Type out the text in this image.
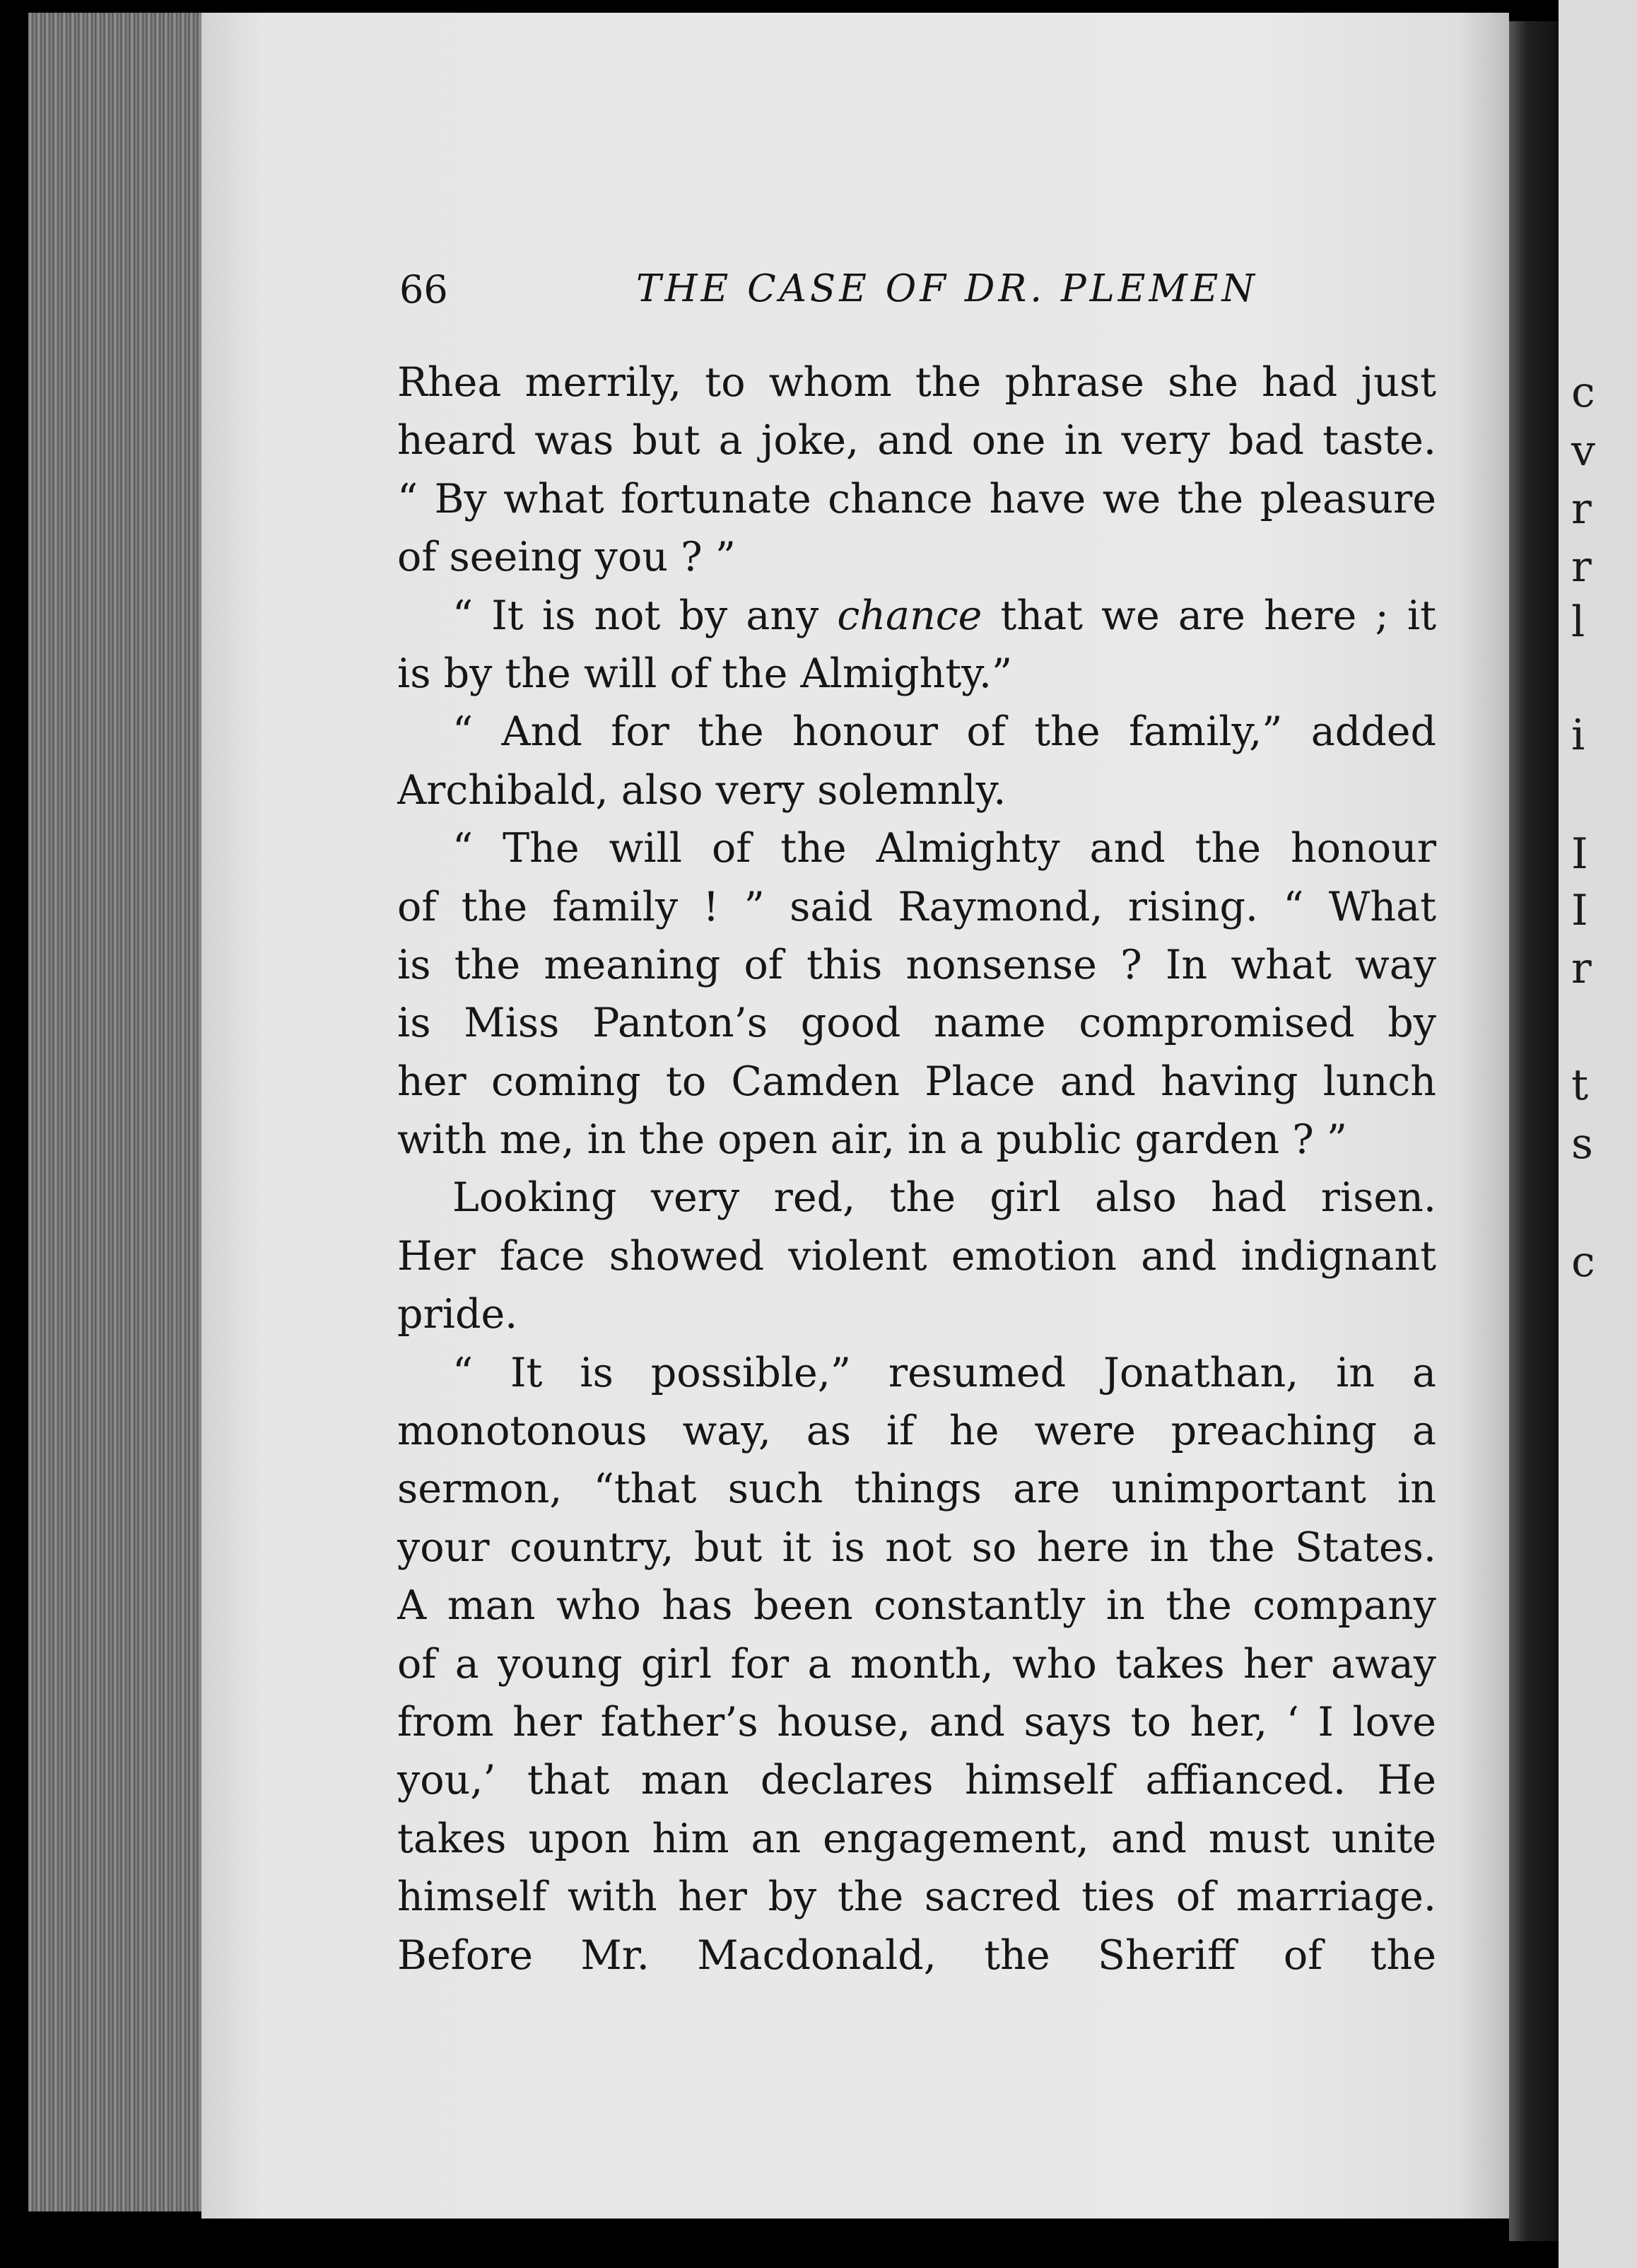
c
v
r
r
l
i
I
I
r
t
s
c
66	THE CASE OF DR. PLEMEN
Rhea merrily, to whom the phrase she had just
heard was but a joke, and one in very bad taste.
“ By what fortunate chance have we the pleasure
of seeing you ? ”
“ It is not by any chance that we are here ; it
is by the will of the Almighty.”
“ And for the honour of the family,” added
Archibald, also very solemnly.
“ The will of the Almighty and the honour
of the family ! ” said Raymond, rising. “ What
is the meaning of this nonsense ? In what way
is Miss Panton’s good name compromised by
her coming to Camden Place and having lunch
with me, in the open air, in a public garden ? ”
Looking very red, the girl also had risen.
Her face showed violent emotion and indignant
pride.
“ It is possible,” resumed Jonathan, in a
monotonous way, as if he were preaching a
sermon, “that such things are unimportant in
your country, but it is not so here in the States.
A man who has been constantly in the company
of a young girl for a month, who takes her away
from her father’s house, and says to her, ‘ I love
you,’ that man declares himself affianced. He
takes upon him an engagement, and must unite
himself with her by the sacred ties of marriage.
Before Mr. Macdonald, the Sheriff of the
